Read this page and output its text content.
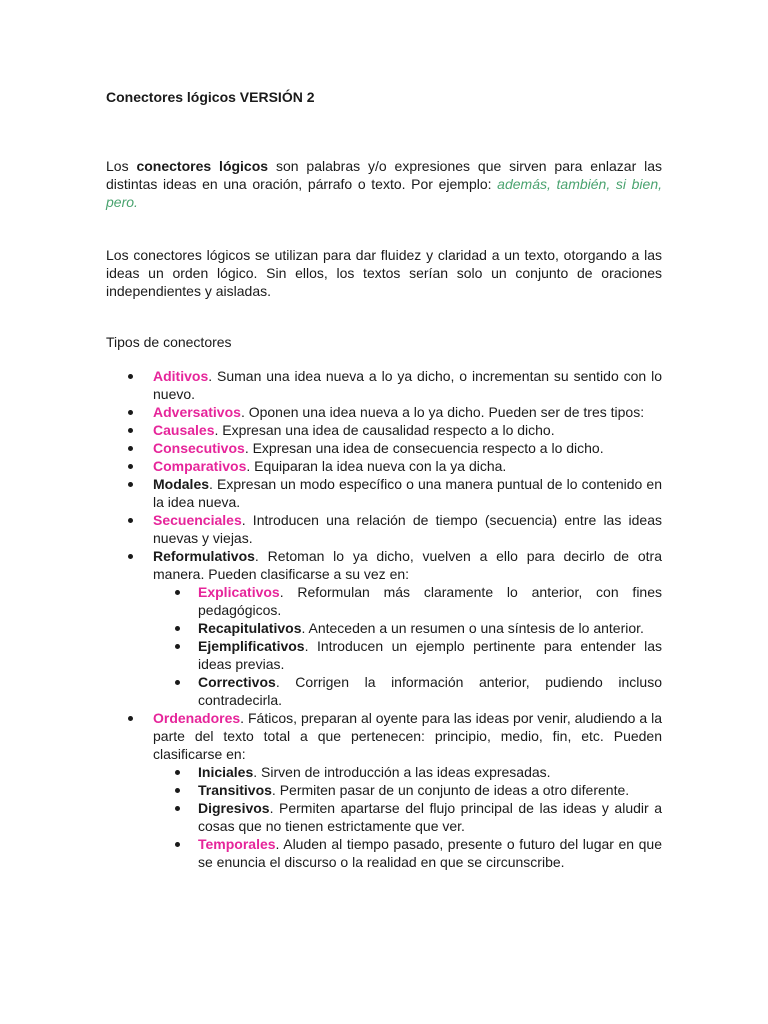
Conectores lógicos VERSIÓN 2

Los conectores lógicos son palabras y/o expresiones que sirven para enlazar las distintas ideas en una oración, párrafo o texto. Por ejemplo: además, también, si bien, pero.

Los conectores lógicos se utilizan para dar fluidez y claridad a un texto, otorgando a las ideas un orden lógico. Sin ellos, los textos serían solo un conjunto de oraciones independientes y aisladas.

Tipos de conectores

Aditivos. Suman una idea nueva a lo ya dicho, o incrementan su sentido con lo nuevo.
Adversativos. Oponen una idea nueva a lo ya dicho. Pueden ser de tres tipos:
Causales. Expresan una idea de causalidad respecto a lo dicho.
Consecutivos. Expresan una idea de consecuencia respecto a lo dicho.
Comparativos. Equiparan la idea nueva con la ya dicha.
Modales. Expresan un modo específico o una manera puntual de lo contenido en la idea nueva.
Secuenciales. Introducen una relación de tiempo (secuencia) entre las ideas nuevas y viejas.
Reformulativos. Retoman lo ya dicho, vuelven a ello para decirlo de otra manera. Pueden clasificarse a su vez en:
Explicativos. Reformulan más claramente lo anterior, con fines pedagógicos.
Recapitulativos. Anteceden a un resumen o una síntesis de lo anterior.
Ejemplificativos. Introducen un ejemplo pertinente para entender las ideas previas.
Correctivos. Corrigen la información anterior, pudiendo incluso contradecirla.
Ordenadores. Fáticos, preparan al oyente para las ideas por venir, aludiendo a la parte del texto total a que pertenecen: principio, medio, fin, etc. Pueden clasificarse en:
Iniciales. Sirven de introducción a las ideas expresadas.
Transitivos. Permiten pasar de un conjunto de ideas a otro diferente.
Digresivos. Permiten apartarse del flujo principal de las ideas y aludir a cosas que no tienen estrictamente que ver.
Temporales. Aluden al tiempo pasado, presente o futuro del lugar en que se enuncia el discurso o la realidad en que se circunscribe.
